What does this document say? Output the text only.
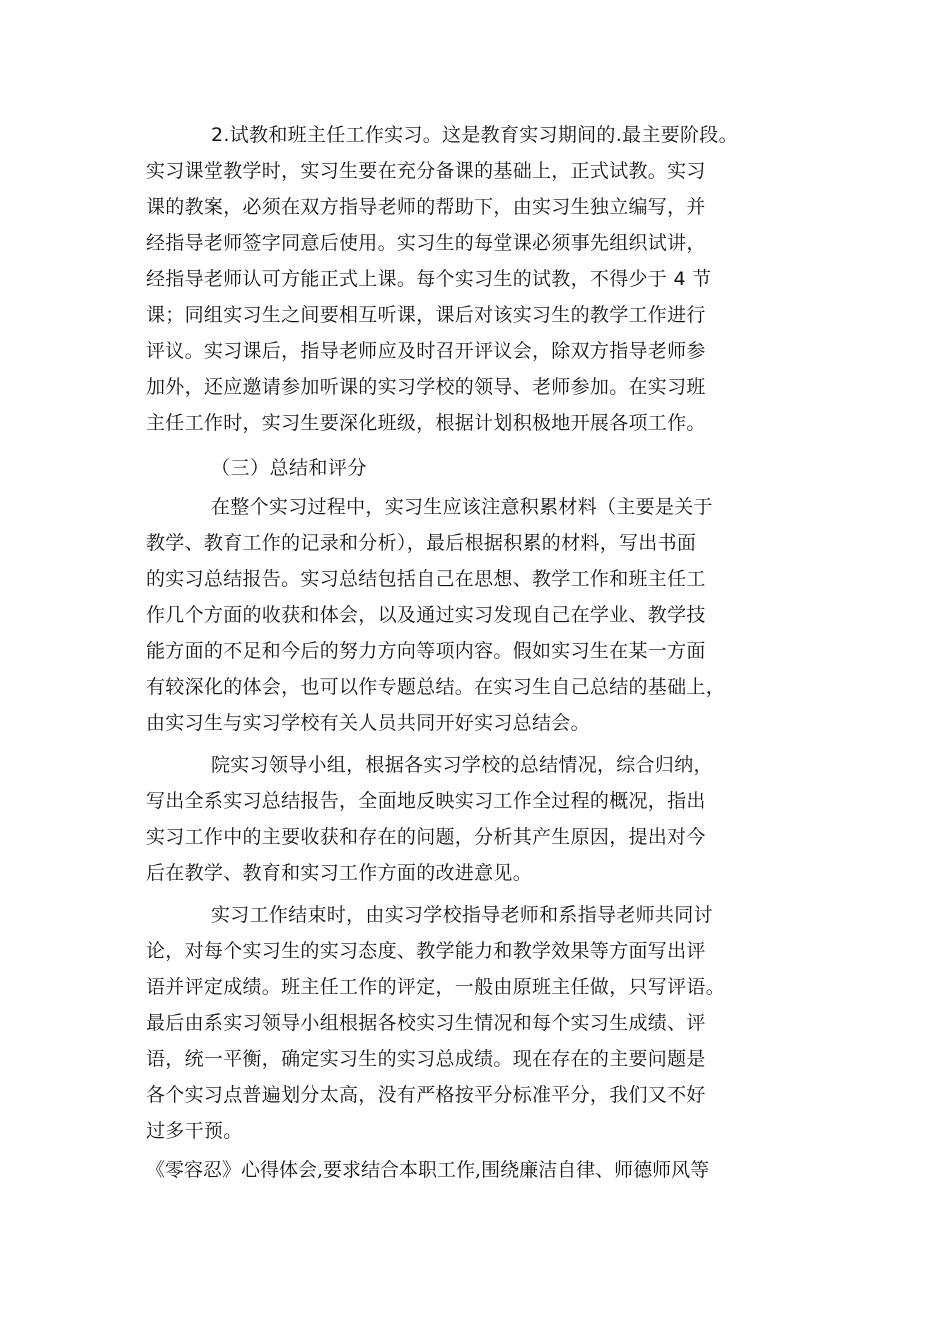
2.试教和班主任工作实习。这是教育实习期间的.最主要阶段。

实习课堂教学时，实习生要在充分备课的基础上，正式试教。实习

课的教案，必须在双方指导老师的帮助下，由实习生独立编写，并

经指导老师签字同意后使用。实习生的每堂课必须事先组织试讲，

经指导老师认可方能正式上课。每个实习生的试教，不得少于 4 节

课；同组实习生之间要相互听课，课后对该实习生的教学工作进行

评议。实习课后，指导老师应及时召开评议会，除双方指导老师参

加外，还应邀请参加听课的实习学校的领导、老师参加。在实习班

主任工作时，实习生要深化班级，根据计划积极地开展各项工作。

（三）总结和评分

在整个实习过程中，实习生应该注意积累材料（主要是关于

教学、教育工作的记录和分析），最后根据积累的材料，写出书面

的实习总结报告。实习总结包括自己在思想、教学工作和班主任工

作几个方面的收获和体会，以及通过实习发现自己在学业、教学技

能方面的不足和今后的努力方向等项内容。假如实习生在某一方面

有较深化的体会，也可以作专题总结。在实习生自己总结的基础上，

由实习生与实习学校有关人员共同开好实习总结会。

院实习领导小组，根据各实习学校的总结情况，综合归纳，

写出全系实习总结报告，全面地反映实习工作全过程的概况，指出

实习工作中的主要收获和存在的问题，分析其产生原因，提出对今

后在教学、教育和实习工作方面的改进意见。

实习工作结束时，由实习学校指导老师和系指导老师共同讨

论，对每个实习生的实习态度、教学能力和教学效果等方面写出评

语并评定成绩。班主任工作的评定，一般由原班主任做，只写评语。

最后由系实习领导小组根据各校实习生情况和每个实习生成绩、评

语，统一平衡，确定实习生的实习总成绩。现在存在的主要问题是

各个实习点普遍划分太高，没有严格按平分标准平分，我们又不好

过多干预。

《零容忍》心得体会,要求结合本职工作,围绕廉洁自律、师德师风等
